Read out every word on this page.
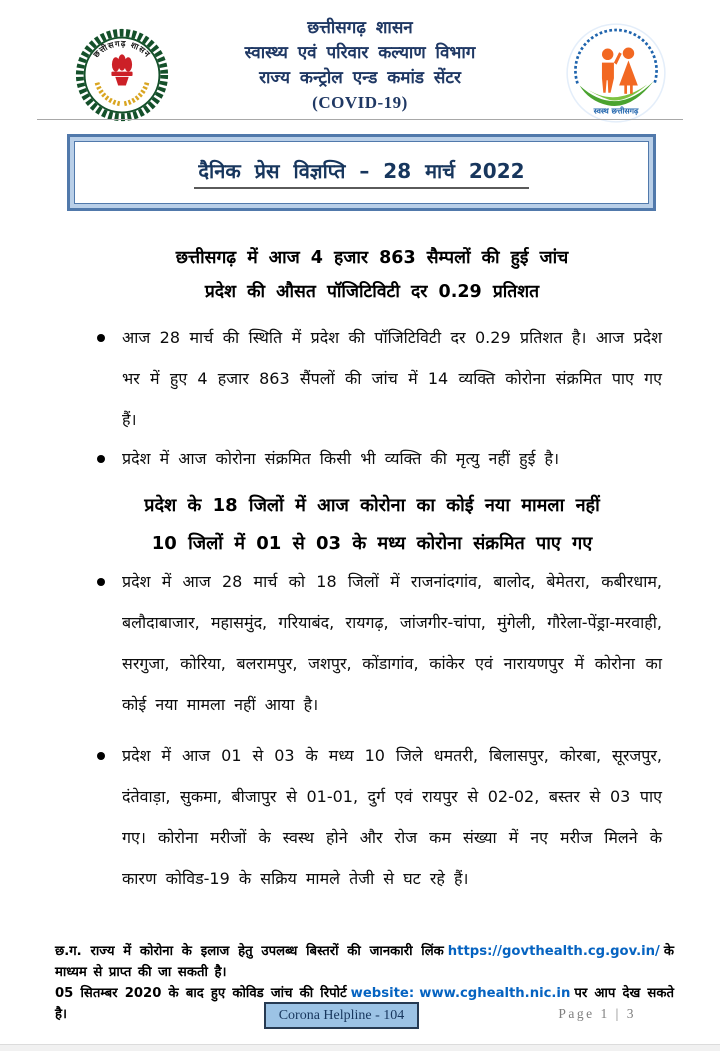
छत्तीसगढ़ शासन
छत्तीसगढ़ शासन
स्वास्थ्य एवं परिवार कल्याण विभाग
राज्य कन्ट्रोल एन्ड कमांड सेंटर
(COVID-19)	स्वस्थ छत्तीसगढ़
दैनिक प्रेस विज्ञप्ति – 28 मार्च 2022
छत्तीसगढ़ में आज 4 हजार 863 सैम्पलों की हुई जांच
प्रदेश की औसत पॉजिटिविटी दर 0.29 प्रतिशत

आज 28 मार्च की स्थिति में प्रदेश की पॉजिटिविटी दर 0.29 प्रतिशत है। आज प्रदेश भर में हुए 4 हजार 863 सैंपलों की जांच में 14 व्यक्ति कोरोना संक्रमित पाए गए हैं।

प्रदेश में आज कोरोना संक्रमित किसी भी व्यक्ति की मृत्यु नहीं हुई है।

प्रदेश के 18 जिलों में आज कोरोना का कोई नया मामला नहीं
10 जिलों में 01 से 03 के मध्य कोरोना संक्रमित पाए गए

प्रदेश में आज 28 मार्च को 18 जिलों में राजनांदगांव, बालोद, बेमेतरा, कबीरधाम, बलौदाबाजार, महासमुंद, गरियाबंद, रायगढ़, जांजगीर-चांपा, मुंगेली, गौरेला-पेंड्रा-मरवाही, सरगुजा, कोरिया, बलरामपुर, जशपुर, कोंडागांव, कांकेर एवं नारायणपुर में कोरोना का कोई नया मामला नहीं आया है।

प्रदेश में आज 01 से 03 के मध्य 10 जिले धमतरी, बिलासपुर, कोरबा, सूरजपुर, दंतेवाड़ा, सुकमा, बीजापुर से 01-01, दुर्ग एवं रायपुर से 02-02, बस्तर से 03 पाए गए। कोरोना मरीजों के स्वस्थ होने और रोज कम संख्या में नए मरीज मिलने के कारण कोविड-19 के सक्रिय मामले तेजी से घट रहे हैं।

छ.ग. राज्य में कोरोना के इलाज हेतु उपलब्ध बिस्तरों की जानकारी लिंक https://govthealth.cg.gov.in/ के माध्यम से प्राप्त की जा सकती है।

05 सितम्बर 2020 के बाद हुए कोविड जांच की रिपोर्ट website: www.cghealth.nic.in पर आप देख सकते है।	Corona Helpline - 104	Page 1 | 3
